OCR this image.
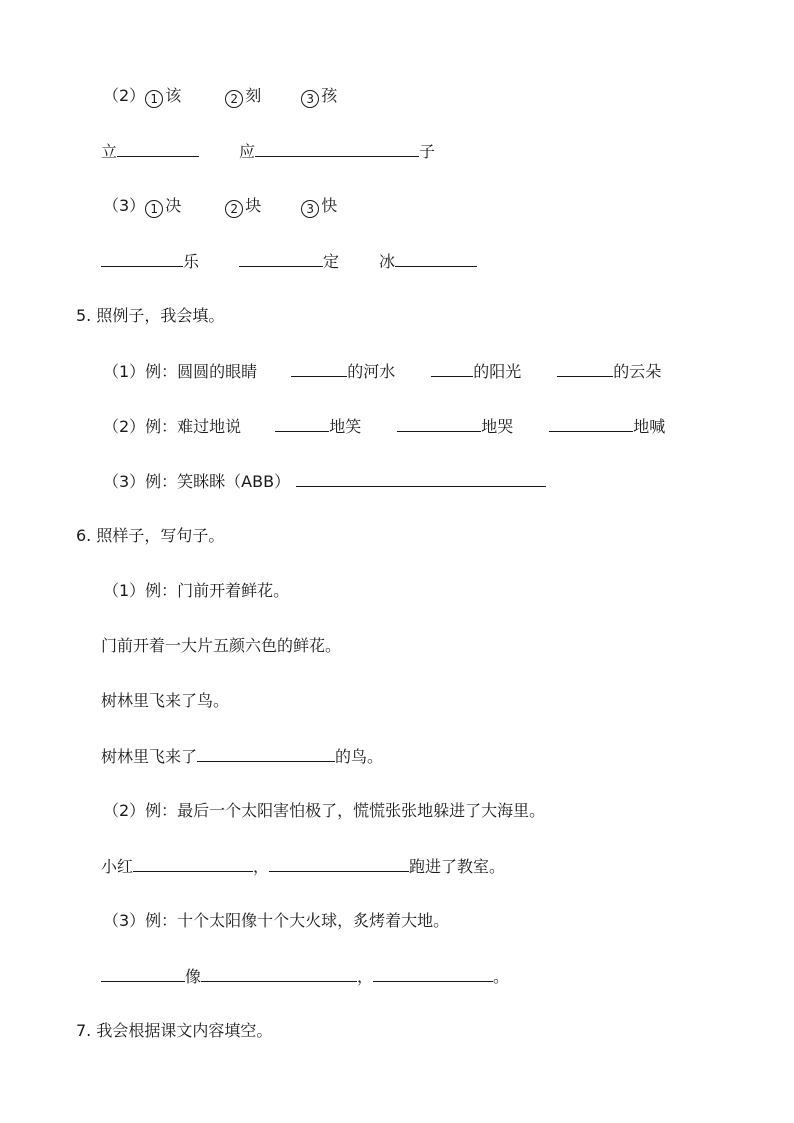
（2） 1 该	2 刻	3 孩
立	应	子
（3） 1 决	2 块	3 快
乐	定	冰
5. 照例子，我会填。
（1）例：圆圆的眼睛	的河水	的阳光	的云朵
（2）例：难过地说	地笑	地哭	地喊
（3）例：笑眯眯（ABB）
6. 照样子，写句子。
（1）例：门前开着鲜花。
门前开着一大片五颜六色的鲜花。
树林里飞来了鸟。
树林里飞来了	的鸟。
（2）例：最后一个太阳害怕极了，慌慌张张地躲进了大海里。
小红	，	跑进了教室。
（3）例：十个太阳像十个大火球，炙烤着大地。
像	，	。
7. 我会根据课文内容填空。
